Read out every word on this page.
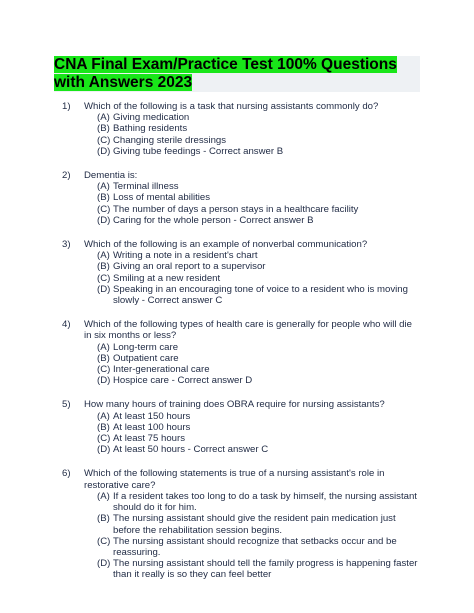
CNA Final Exam/Practice Test 100% Questions
with Answers 2023
1)	Which of the following is a task that nursing assistants commonly do?
(A) Giving medication
(B) Bathing residents
(C) Changing sterile dressings
(D) Giving tube feedings - Correct answer B
2)	Dementia is:
(A) Terminal illness
(B) Loss of mental abilities
(C) The number of days a person stays in a healthcare facility
(D) Caring for the whole person - Correct answer B
3)	Which of the following is an example of nonverbal communication?
(A) Writing a note in a resident's chart
(B) Giving an oral report to a supervisor
(C) Smiling at a new resident
(D) Speaking in an encouraging tone of voice to a resident who is moving slowly - Correct answer C
4)	Which of the following types of health care is generally for people who will die in six months or less?
(A) Long-term care
(B) Outpatient care
(C) Inter-generational care
(D) Hospice care - Correct answer D
5)	How many hours of training does OBRA require for nursing assistants?
(A) At least 150 hours
(B) At least 100 hours
(C) At least 75 hours
(D) At least 50 hours - Correct answer C
6)	Which of the following statements is true of a nursing assistant's role in restorative care?
(A) If a resident takes too long to do a task by himself, the nursing assistant should do it for him.
(B) The nursing assistant should give the resident pain medication just before the rehabilitation session begins.
(C) The nursing assistant should recognize that setbacks occur and be reassuring.
(D) The nursing assistant should tell the family progress is happening faster than it really is so they can feel better
